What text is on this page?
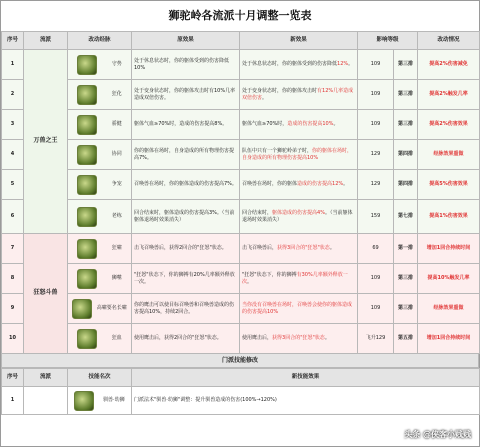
狮驼岭各流派十月调整一览表
序号	流派	改动经脉	原效果	新效果	影响等级		改动情况
1	万兽之王	守势	处于休息状态时，你的躯体受到的伤害降低10%	处于休息状态时，你的躯体受到的伤害降低12%。	109	第三排	提高2%伤害减免
2		狂化	处于变身状态时，你的躯体攻击时有10%几率造成双倍伤害。	处于变身状态时，你的躯体攻击时有12%几率造成双倍伤害。	109	第三排	提高2%触发几率
3		骄健	躯体气血≥70%时，造成的伤害提高8%。	躯体气血≥70%时，造成的伤害提高10%。	109	第三排	提高2%伤害效果
4		协同	你的躯体在场时，自身造成的所有物理伤害提高7%。	队伍中只有一个狮驼岭弟子时，你的躯体在场时，自身造成的所有物理伤害提高10%	129	第四排	经脉效果重做
5		争宠	召唤兽在场时，你的躯体造成的伤害提高7%。	召唤兽在场时，你的躯体造成的伤害提高12%。	129	第四排	提高5%伤害效果
6		老练	回合结束时，躯体造成的伤害提高3%。（当前躯体退场时效果消失）	回合结束时，躯体造成的伤害提高4%。（当前躯体退场时效果消失）	159	第七排	提高1%伤害效果
7	狂怒斗兽	狂啸	击飞召唤兽后，获得2回合的"狂怒"状态。	击飞召唤兽后，获得3回合的"狂怒"状态。	69	第一排	增加1回合持续时间
8		狮噬	"狂怒"状态下，你的狮搏有20%几率额外释放一次。	"狂怒"状态下，你的狮搏有30%几率额外释放一次。	109	第三排	提高10%触发几率
9		高啸要名长啸	你的鹰击可以使目标召唤兽和召唤兽造成的伤害提高10%，持续2回合。	当你没有召唤兽在场时，召唤兽会使你的躯体造成的伤害提高10%	109	第三排	经脉效果重做
10		狂血	使用鹰击后，获得2回合的"狂怒"状态。	使用鹰击后，获得3回合的"狂怒"状态。	飞升129	第五排	增加1回合持续时间
门派技能修改
序号	流派	技能名次	新技能效果
1		驯兽·幼狮	门派法术"驯兽·幼狮"调整：提升驯兽造成的伤害(100%→120%)
头条 @侠客小贱贱
